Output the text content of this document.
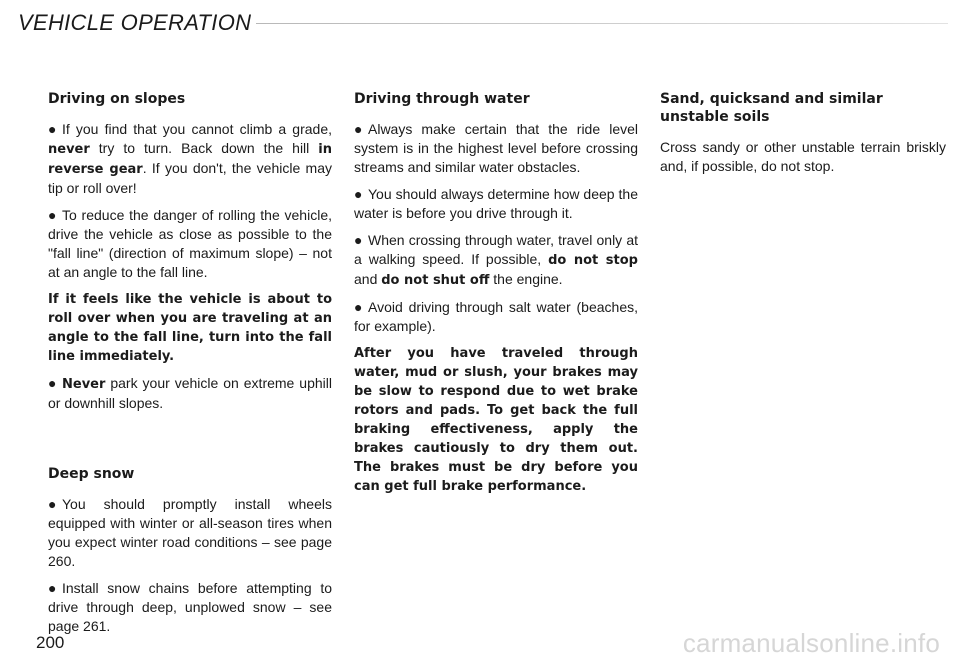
VEHICLE OPERATION
Driving on slopes

● If you find that you cannot climb a grade, never try to turn. Back down the hill in reverse gear. If you don't, the vehicle may tip or roll over!

● To reduce the danger of rolling the vehicle, drive the vehicle as close as possible to the "fall line" (direction of maximum slope) – not at an angle to the fall line.

If it feels like the vehicle is about to roll over when you are traveling at an angle to the fall line, turn into the fall line immediately.

● Never park your vehicle on extreme uphill or downhill slopes.

Deep snow

● You should promptly install wheels equipped with winter or all-season tires when you expect winter road conditions – see page 260.

● Install snow chains before attempting to drive through deep, unplowed snow – see page 261.

Driving through water

● Always make certain that the ride level system is in the highest level before crossing streams and similar water obstacles.

● You should always determine how deep the water is before you drive through it.

● When crossing through water, travel only at a walking speed. If possible, do not stop and do not shut off the engine.

● Avoid driving through salt water (beaches, for example).

After you have traveled through water, mud or slush, your brakes may be slow to respond due to wet brake rotors and pads. To get back the full braking effectiveness, apply the brakes cautiously to dry them out. The brakes must be dry before you can get full brake performance.

Sand, quicksand and similar unstable soils

Cross sandy or other unstable terrain briskly and, if possible, do not stop.

200	carmanualsonline.info
